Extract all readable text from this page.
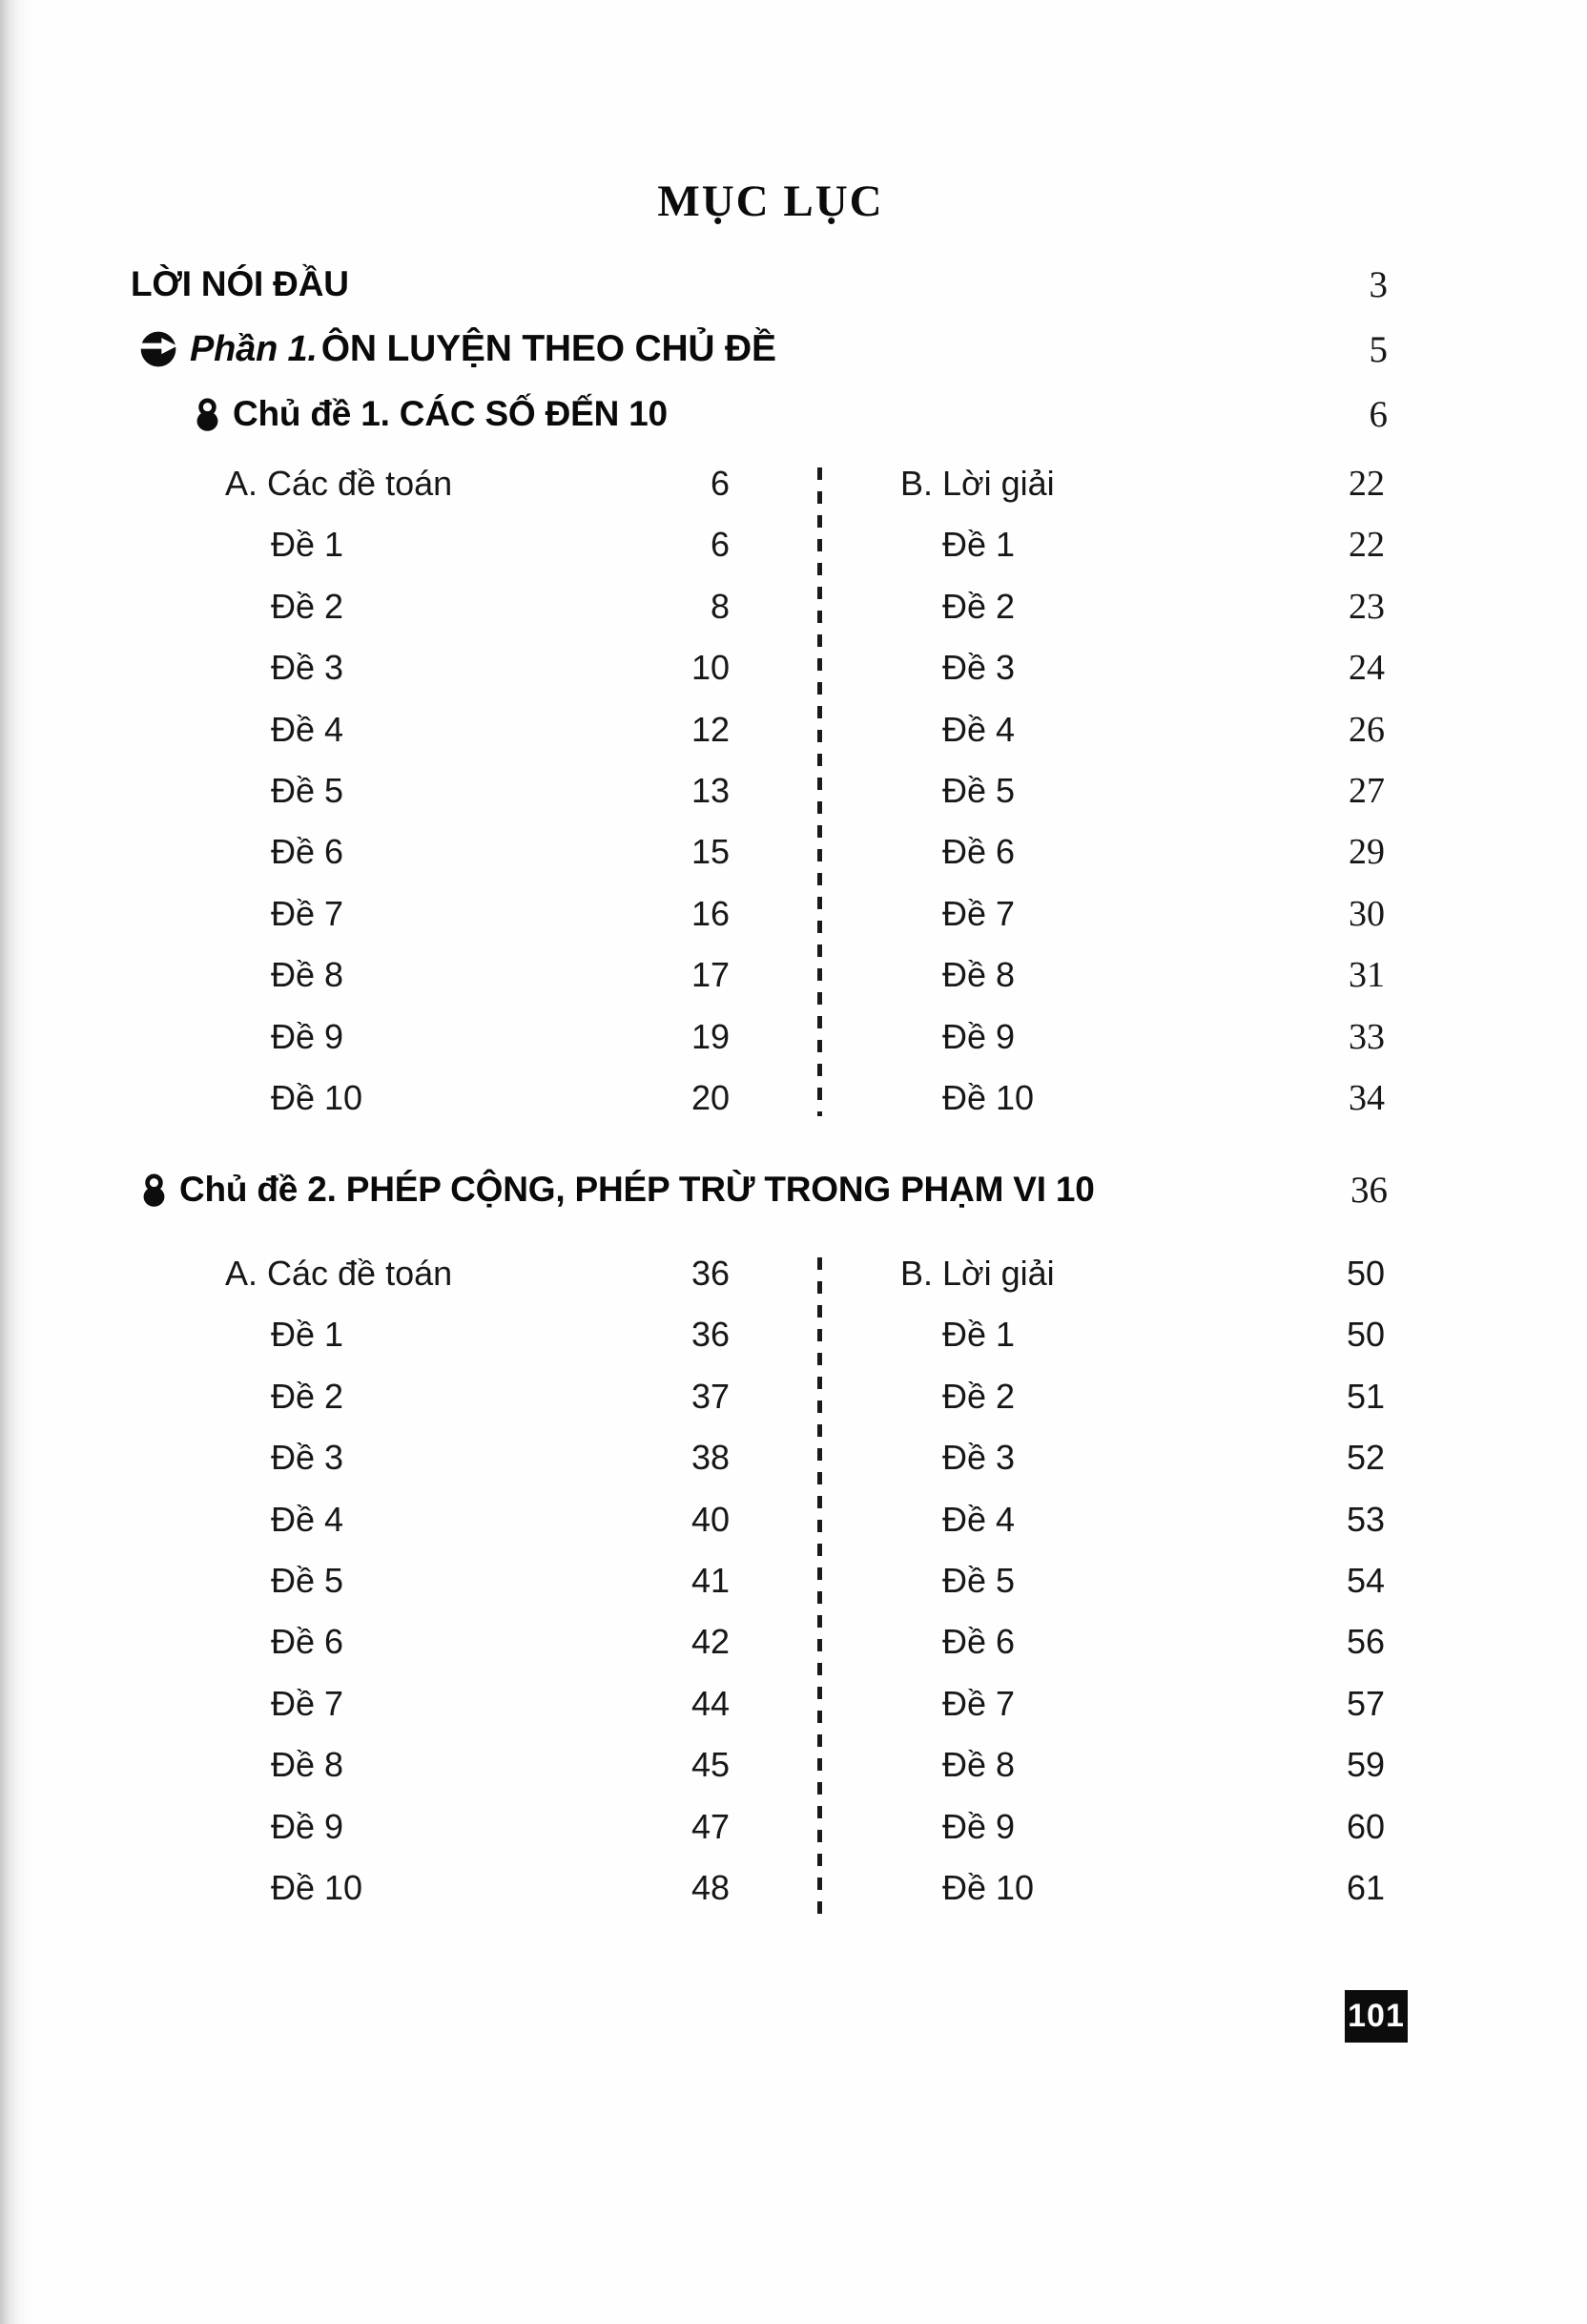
MỤC LỤC
LỜI NÓI ĐẦU	3
Phần 1. ÔN LUYỆN THEO CHỦ ĐỀ	5
Chủ đề 1. CÁC SỐ ĐẾN 10	6
A. Các đề toán	6
Đề 1	6
Đề 2	8
Đề 3	10
Đề 4	12
Đề 5	13
Đề 6	15
Đề 7	16
Đề 8	17
Đề 9	19
Đề 10	20
B. Lời giải	22
Đề 1	22
Đề 2	23
Đề 3	24
Đề 4	26
Đề 5	27
Đề 6	29
Đề 7	30
Đề 8	31
Đề 9	33
Đề 10	34
Chủ đề 2. PHÉP CỘNG, PHÉP TRỪ TRONG PHẠM VI 10	36
A. Các đề toán	36
Đề 1	36
Đề 2	37
Đề 3	38
Đề 4	40
Đề 5	41
Đề 6	42
Đề 7	44
Đề 8	45
Đề 9	47
Đề 10	48
B. Lời giải	50
Đề 1	50
Đề 2	51
Đề 3	52
Đề 4	53
Đề 5	54
Đề 6	56
Đề 7	57
Đề 8	59
Đề 9	60
Đề 10	61
101
